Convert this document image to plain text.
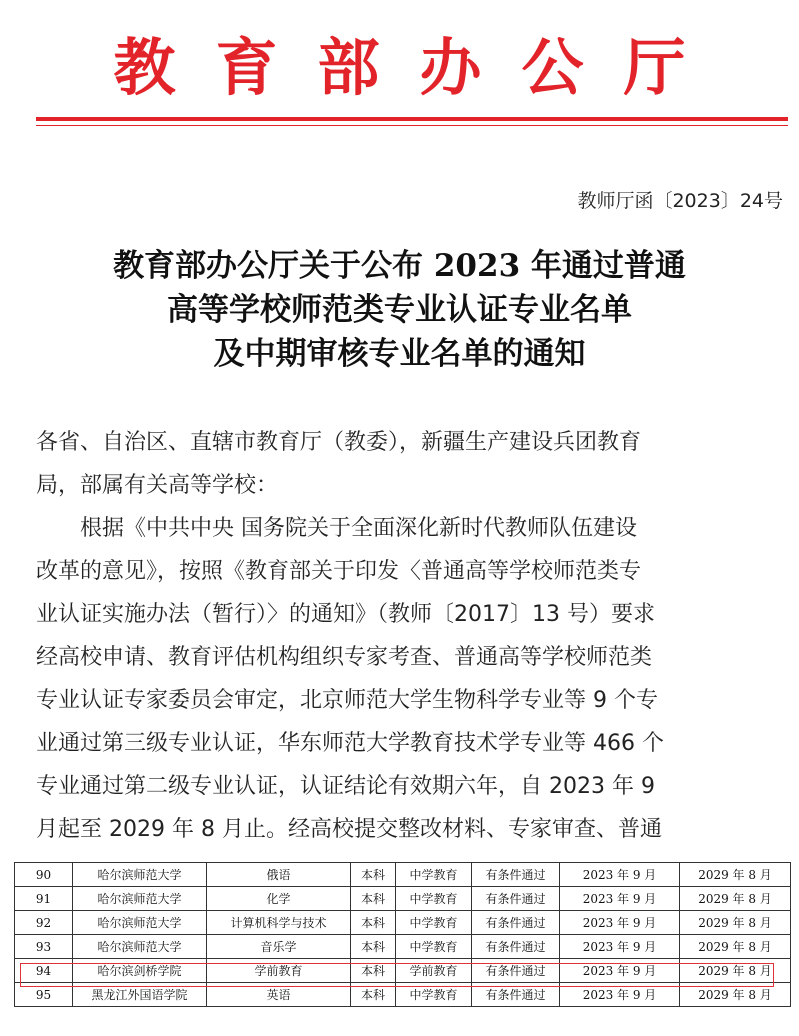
教育部办公厅
教师厅函〔2023〕24号
教育部办公厅关于公布 2023 年通过普通
高等学校师范类专业认证专业名单
及中期审核专业名单的通知
各省、自治区、直辖市教育厅（教委），新疆生产建设兵团教育
局，部属有关高等学校：
根据《中共中央 国务院关于全面深化新时代教师队伍建设
改革的意见》，按照《教育部关于印发〈普通高等学校师范类专
业认证实施办法（暂行）〉的通知》（教师〔2017〕13 号）要求
经高校申请、教育评估机构组织专家考查、普通高等学校师范类
专业认证专家委员会审定，北京师范大学生物科学专业等 9 个专
业通过第三级专业认证，华东师范大学教育技术学专业等 466 个
专业通过第二级专业认证，认证结论有效期六年，自 2023 年 9
月起至 2029 年 8 月止。经高校提交整改材料、专家审查、普通
90	哈尔滨师范大学	俄语	本科	中学教育	有条件通过	2023 年 9 月	2029 年 8 月
91	哈尔滨师范大学	化学	本科	中学教育	有条件通过	2023 年 9 月	2029 年 8 月
92	哈尔滨师范大学	计算机科学与技术	本科	中学教育	有条件通过	2023 年 9 月	2029 年 8 月
93	哈尔滨师范大学	音乐学	本科	中学教育	有条件通过	2023 年 9 月	2029 年 8 月
94	哈尔滨剑桥学院	学前教育	本科	学前教育	有条件通过	2023 年 9 月	2029 年 8 月
95	黑龙江外国语学院	英语	本科	中学教育	有条件通过	2023 年 9 月	2029 年 8 月
